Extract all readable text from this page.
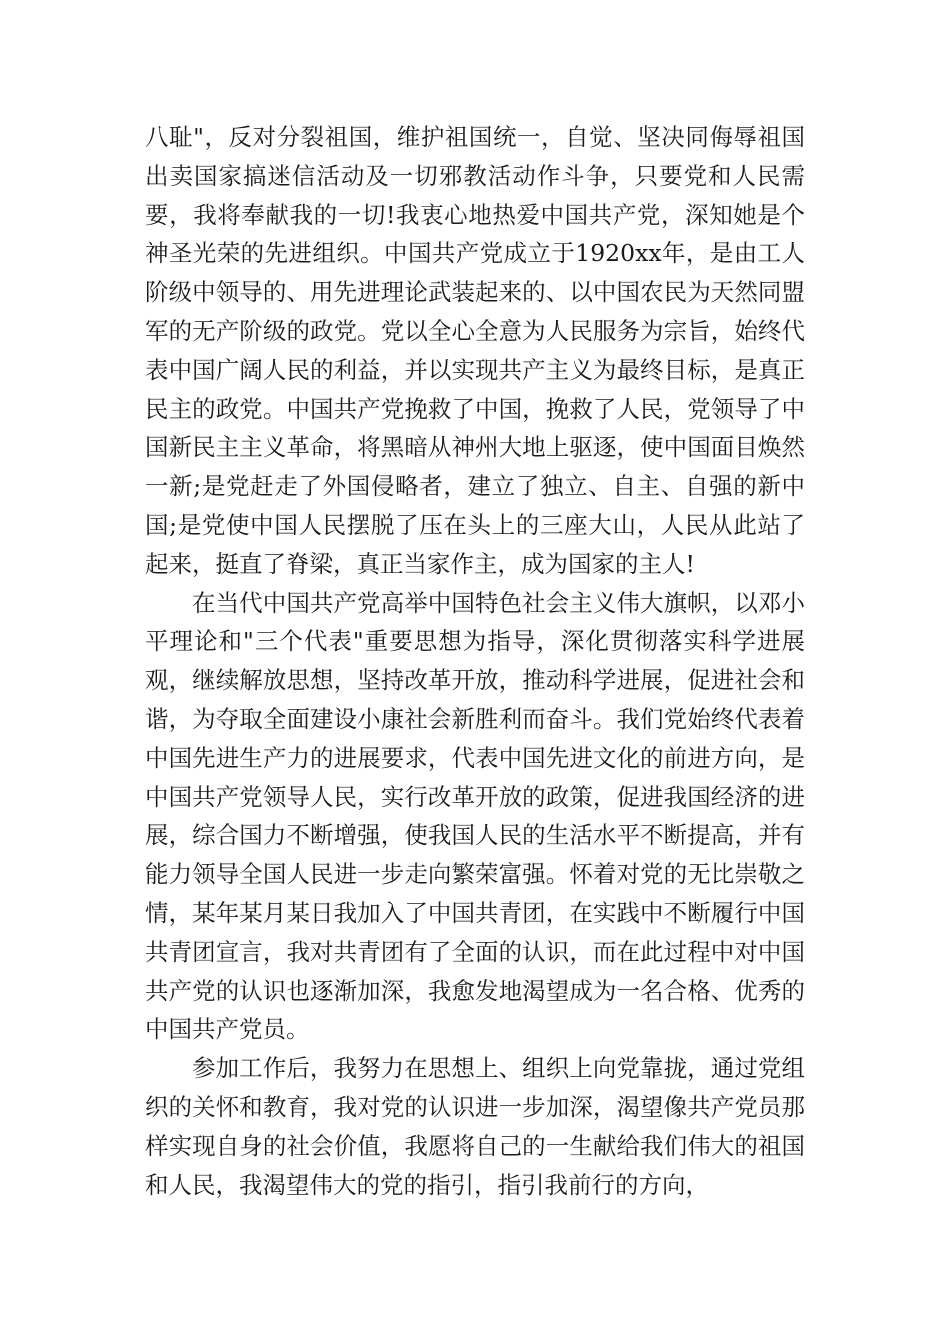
八耻"，反对分裂祖国，维护祖国统一，自觉、坚决同侮辱祖国出卖国家搞迷信活动及一切邪教活动作斗争，只要党和人民需要，我将奉献我的一切!我衷心地热爱中国共产党，深知她是个神圣光荣的先进组织。中国共产党成立于1920xx年，是由工人阶级中领导的、用先进理论武装起来的、以中国农民为天然同盟军的无产阶级的政党。党以全心全意为人民服务为宗旨，始终代表中国广阔人民的利益，并以实现共产主义为最终目标，是真正民主的政党。中国共产党挽救了中国，挽救了人民，党领导了中国新民主主义革命，将黑暗从神州大地上驱逐，使中国面目焕然一新;是党赶走了外国侵略者，建立了独立、自主、自强的新中国;是党使中国人民摆脱了压在头上的三座大山，人民从此站了起来，挺直了脊梁，真正当家作主，成为国家的主人!

在当代中国共产党高举中国特色社会主义伟大旗帜，以邓小平理论和"三个代表"重要思想为指导，深化贯彻落实科学进展观，继续解放思想，坚持改革开放，推动科学进展，促进社会和谐，为夺取全面建设小康社会新胜利而奋斗。我们党始终代表着中国先进生产力的进展要求，代表中国先进文化的前进方向，是中国共产党领导人民，实行改革开放的政策，促进我国经济的进展，综合国力不断增强，使我国人民的生活水平不断提高，并有能力领导全国人民进一步走向繁荣富强。怀着对党的无比崇敬之情，某年某月某日我加入了中国共青团，在实践中不断履行中国共青团宣言，我对共青团有了全面的认识，而在此过程中对中国共产党的认识也逐渐加深，我愈发地渴望成为一名合格、优秀的中国共产党员。

参加工作后，我努力在思想上、组织上向党靠拢，通过党组织的关怀和教育，我对党的认识进一步加深，渴望像共产党员那样实现自身的社会价值，我愿将自己的一生献给我们伟大的祖国和人民，我渴望伟大的党的指引，指引我前行的方向，
